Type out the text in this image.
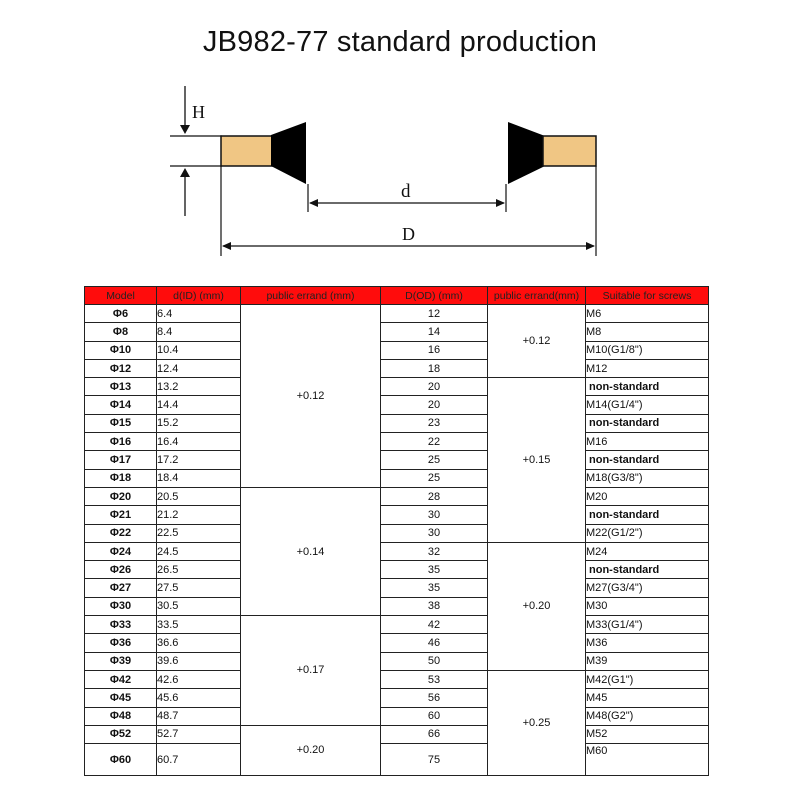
JB982-77 standard production
H
d
D
Model	d(ID) (mm)	public errand (mm)	D(OD) (mm)	public errand(mm)	Suitable for screws
Φ6	6.4	+0.12	12	+0.12	M6
Φ8	8.4		14		M8
Φ10	10.4		16		M10(G1/8")
Φ12	12.4		18		M12
Φ13	13.2		20	+0.15	non-standard
Φ14	14.4		20		M14(G1/4")
Φ15	15.2		23		non-standard
Φ16	16.4		22		M16
Φ17	17.2		25		non-standard
Φ18	18.4		25		M18(G3/8")
Φ20	20.5	+0.14	28		M20
Φ21	21.2		30		non-standard
Φ22	22.5		30		M22(G1/2")
Φ24	24.5		32	+0.20	M24
Φ26	26.5		35		non-standard
Φ27	27.5		35		M27(G3/4")
Φ30	30.5		38		M30
Φ33	33.5	+0.17	42		M33(G1/4")
Φ36	36.6		46		M36
Φ39	39.6		50		M39
Φ42	42.6		53	+0.25	M42(G1")
Φ45	45.6		56		M45
Φ48	48.7		60		M48(G2")
Φ52	52.7	+0.20	66		M52
Φ60	60.7		75		M60
